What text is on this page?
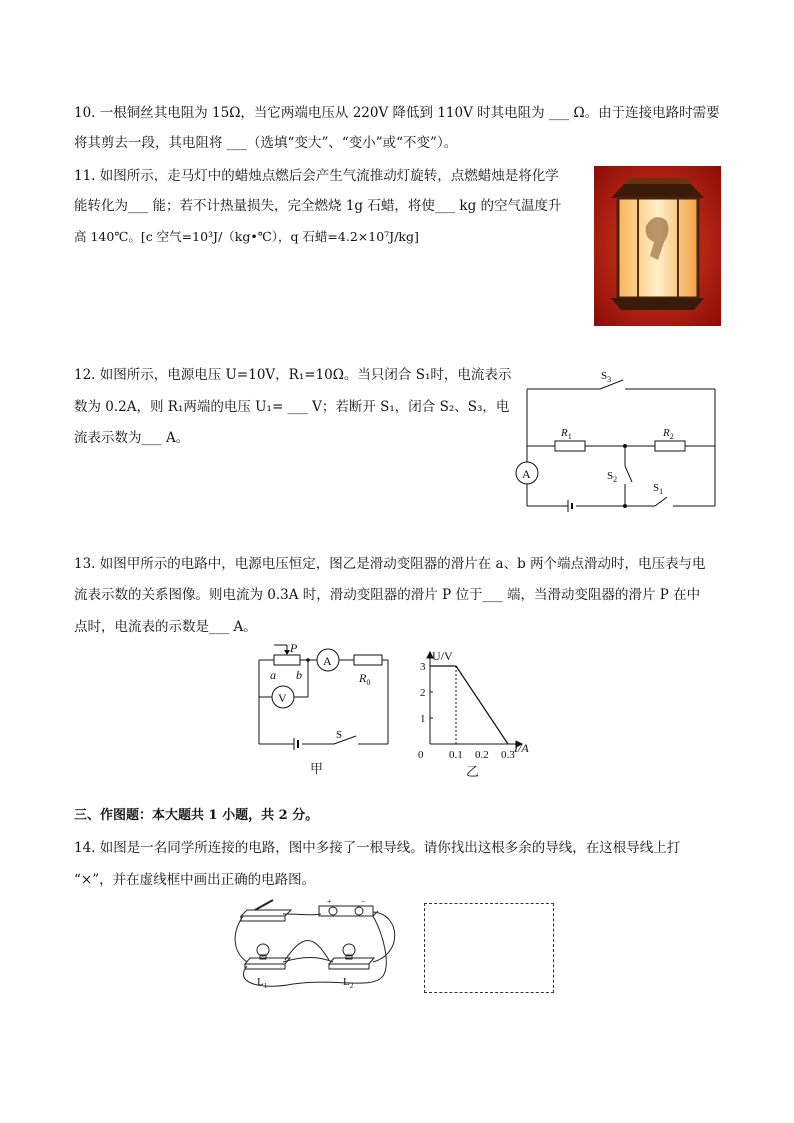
10. 一根铜丝其电阻为 15Ω，当它两端电压从 220V 降低到 110V 时其电阻为 ___ Ω。由于连接电路时需要
将其剪去一段，其电阻将 ___（选填“变大”、“变小”或“不变”）。
11. 如图所示，走马灯中的蜡烛点燃后会产生气流推动灯旋转，点燃蜡烛是将化学
能转化为___ 能；若不计热量损失，完全燃烧 1g 石蜡，将使___ kg 的空气温度升
高 140℃。[c 空气=10³J/（kg•℃），q 石蜡=4.2×10⁷J/kg]
12. 如图所示，电源电压 U=10V，R₁=10Ω。当只闭合 S₁时，电流表示
数为 0.2A，则 R₁两端的电压 U₁= ___ V；若断开 S₁，闭合 S₂、S₃，电
流表示数为___ A。
A
$S_3$
$R_1$	$R_2$
$S_2$
$S_1$
13. 如图甲所示的电路中，电源电压恒定，图乙是滑动变阻器的滑片在 a、b 两个端点滑动时，电压表与电
流表示数的关系图像。则电流为 0.3A 时，滑动变阻器的滑片 P 位于___ 端，当滑动变阻器的滑片 P 在中
点时，电流表的示数是___ A。
P
a b
A
V
$R_0$
S
甲
0 0.1 0.2 0.3
1
2
3
U/V
I/A
乙
三、作图题：本大题共 1 小题，共 2 分。
14. 如图是一名同学所连接的电路，图中多接了一根导线。请你找出这根多余的导线，在这根导线上打
“×”，并在虚线框中画出正确的电路图。
+	−
$L_1$	$L_2$
